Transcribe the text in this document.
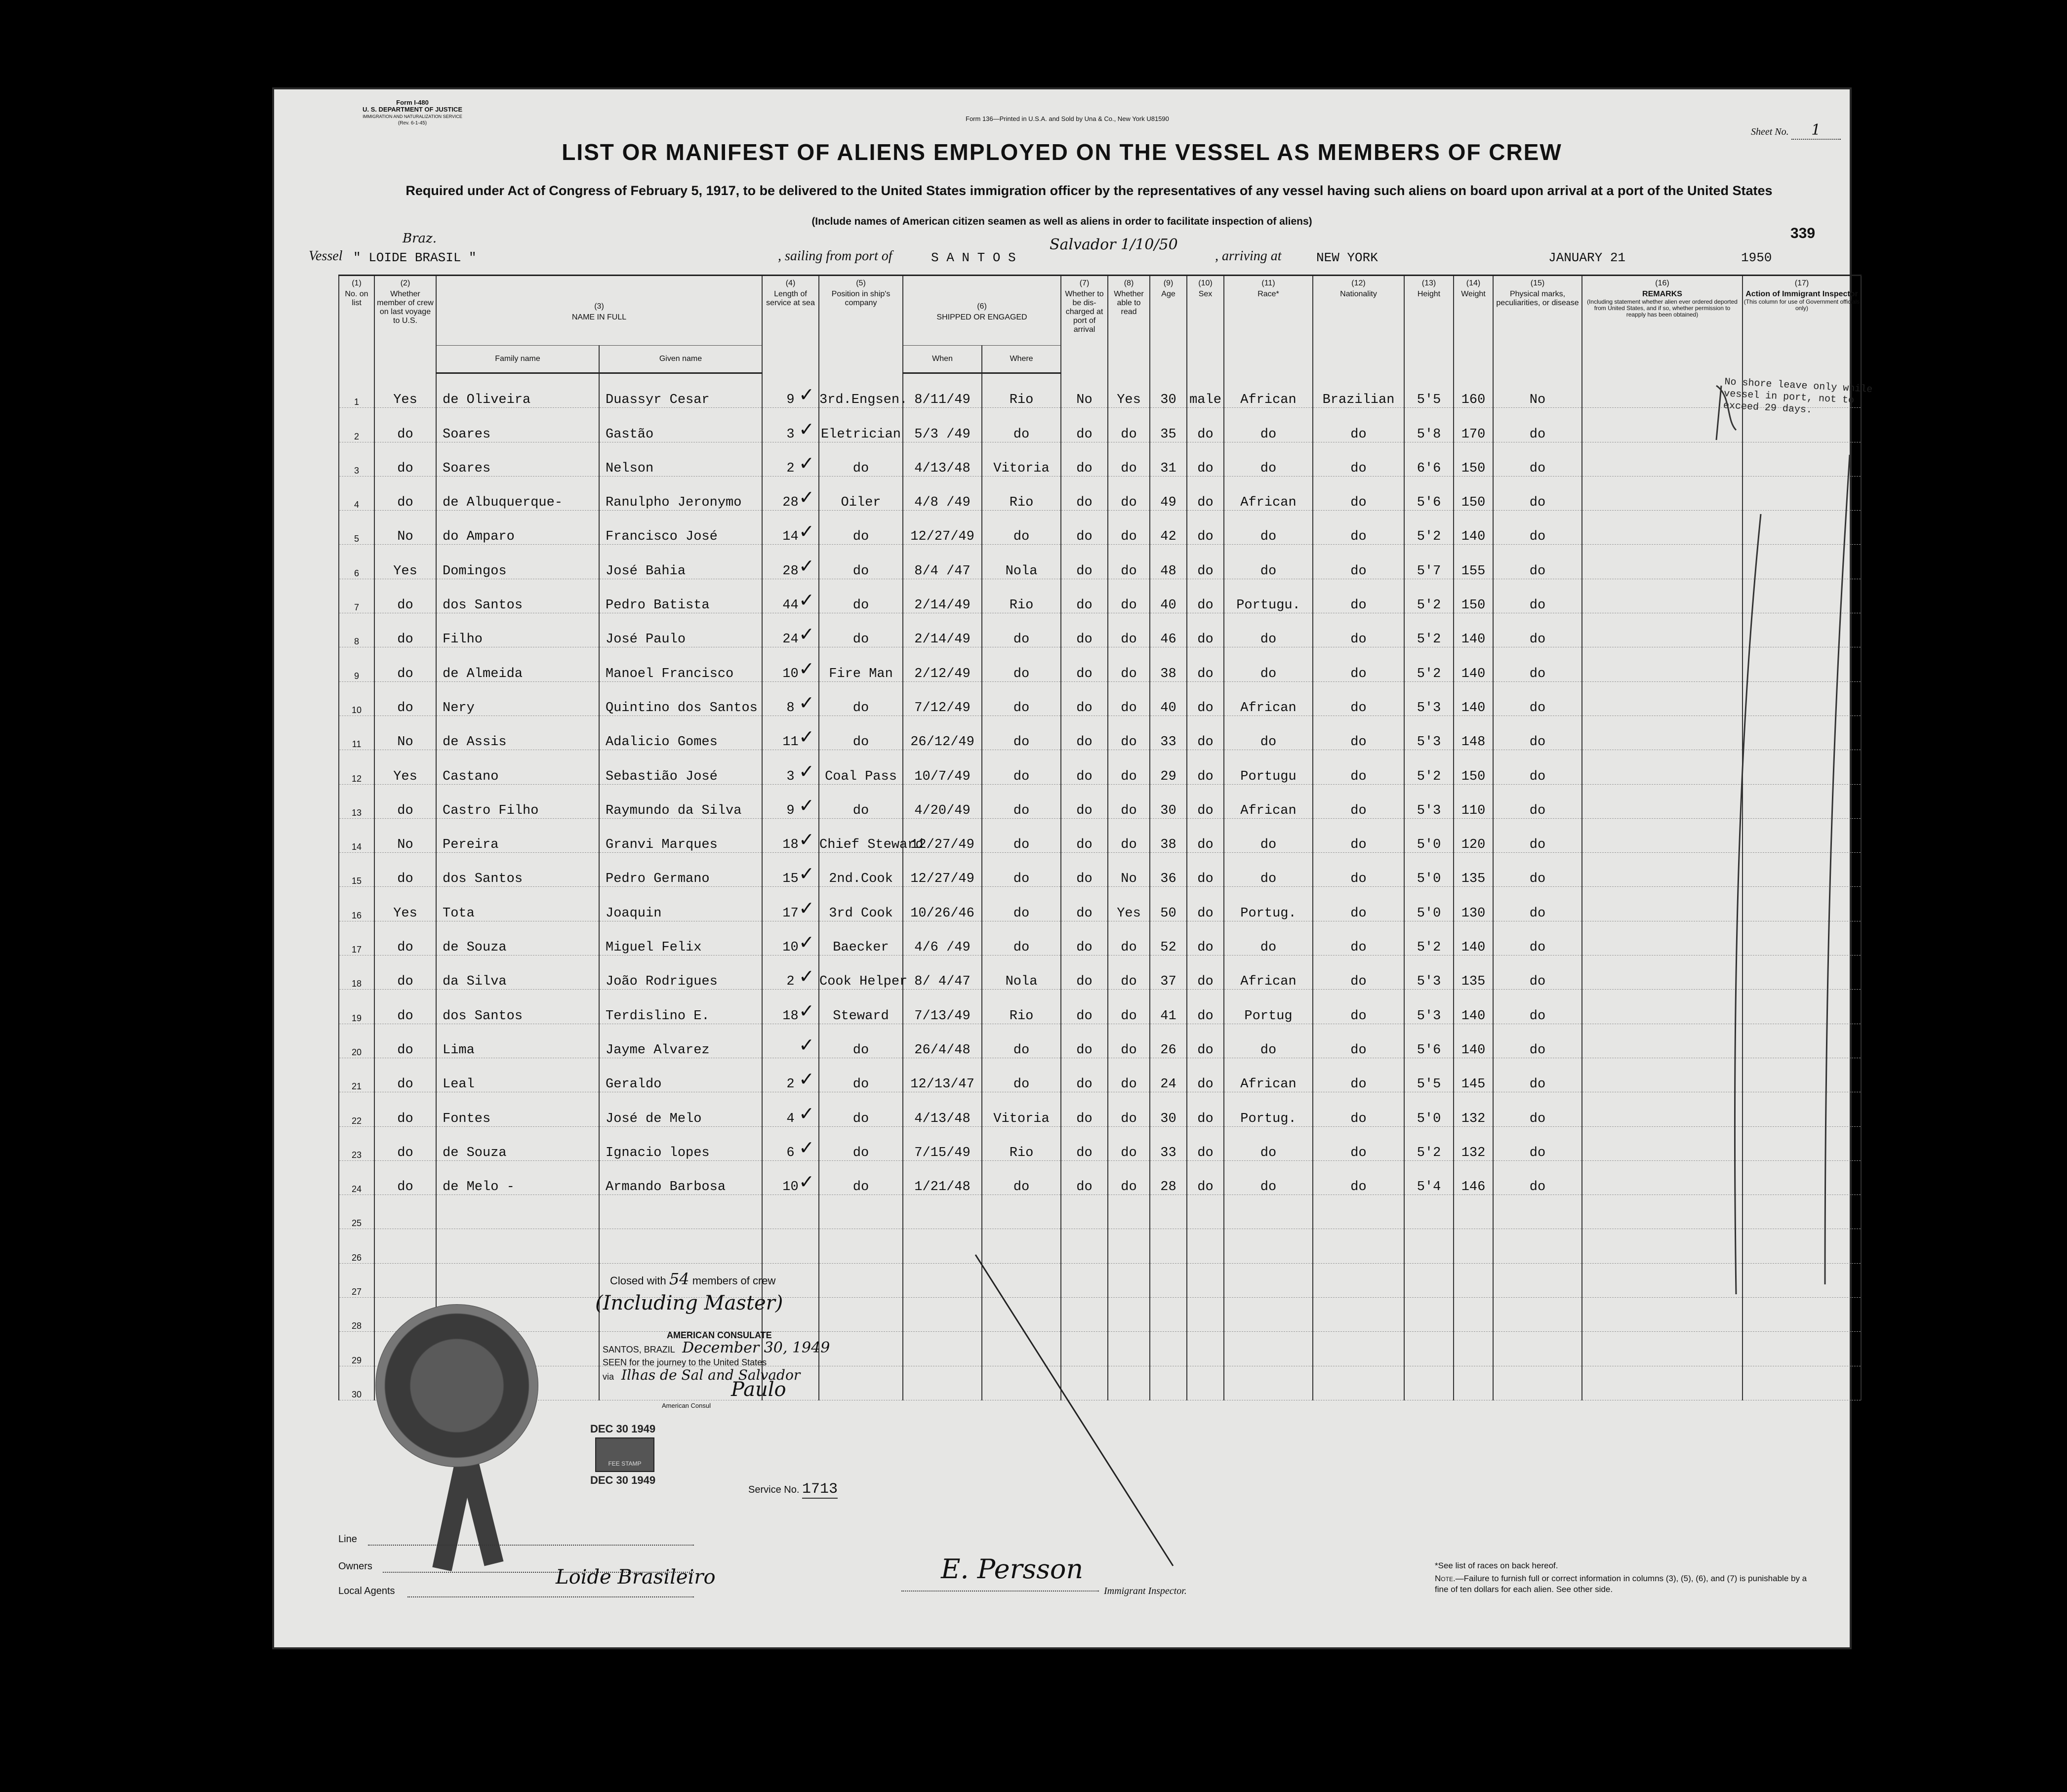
Form I-480
U. S. DEPARTMENT OF JUSTICE
IMMIGRATION AND NATURALIZATION SERVICE
(Rev. 6-1-45)
Form 136—Printed in U.S.A. and Sold by Una & Co., New York U81590
Sheet No. 1
LIST OR MANIFEST OF ALIENS EMPLOYED ON THE VESSEL AS MEMBERS OF CREW
Required under Act of Congress of February 5, 1917, to be delivered to the United States immigration officer by the representatives of any vessel having such aliens on board upon arrival at a port of the United States
(Include names of American citizen seamen as well as aliens in order to facilitate inspection of aliens)
339
Vessel " LOIDE BRASIL "
Braz.
, sailing from port of	S A N T O S
Salvador 1/10/50
, arriving at	NEW YORK	JANUARY 21	1950
(1)
No. on list	(2)
Whether member of crew on last voyage to U.S.	(3)
NAME IN FULL		(4)
Length of service at sea	(5)
Position in ship's company	(6)
SHIPPED OR ENGAGED		(7)
Whether to be dis-charged at port of arrival	(8)
Whether able to read	(9)
Age	(10)
Sex	(11)
Race*	(12)
Nationality	(13)
Height	(14)
Weight	(15)
Physical marks, peculiarities, or disease	(16)
REMARKS
(Including statement whether alien ever ordered deported from United States, and if so, whether permission to reapply has been obtained)	(17)
Action of Immigrant Inspector
(This column for use of Government officials only)

		Family name	Given name			When	Where											
1	Yes	de Oliveira	Duassyr Cesar	9 ✓	3rd.Engsen.	8/11/49	Rio	No	Yes	30	male	African	Brazilian	5'5	160	No		
2	do	Soares	Gastão	3 ✓	Eletrician	5/3 /49	do	do	do	35	do	do	do	5'8	170	do		
3	do	Soares	Nelson	2 ✓	do	4/13/48	Vitoria	do	do	31	do	do	do	6'6	150	do		
4	do	de Albuquerque-	Ranulpho Jeronymo	28 ✓	Oiler	4/8 /49	Rio	do	do	49	do	African	do	5'6	150	do		
5	No	do Amparo	Francisco José	14 ✓	do	12/27/49	do	do	do	42	do	do	do	5'2	140	do		
6	Yes	Domingos	José Bahia	28 ✓	do	8/4 /47	Nola	do	do	48	do	do	do	5'7	155	do		
7	do	dos Santos	Pedro Batista	44 ✓	do	2/14/49	Rio	do	do	40	do	Portugu.	do	5'2	150	do		
8	do	Filho	José Paulo	24 ✓	do	2/14/49	do	do	do	46	do	do	do	5'2	140	do		
9	do	de Almeida	Manoel Francisco	10 ✓	Fire Man	2/12/49	do	do	do	38	do	do	do	5'2	140	do		
10	do	Nery	Quintino dos Santos	8 ✓	do	7/12/49	do	do	do	40	do	African	do	5'3	140	do		
11	No	de Assis	Adalicio Gomes	11 ✓	do	26/12/49	do	do	do	33	do	do	do	5'3	148	do		
12	Yes	Castano	Sebastião José	3 ✓	Coal Pass	10/7/49	do	do	do	29	do	Portugu	do	5'2	150	do		
13	do	Castro Filho	Raymundo da Silva	9 ✓	do	4/20/49	do	do	do	30	do	African	do	5'3	110	do		
14	No	Pereira	Granvi Marques	18 ✓	Chief Steward	12/27/49	do	do	do	38	do	do	do	5'0	120	do		
15	do	dos Santos	Pedro Germano	15 ✓	2nd.Cook	12/27/49	do	do	No	36	do	do	do	5'0	135	do		
16	Yes	Tota	Joaquin	17 ✓	3rd Cook	10/26/46	do	do	Yes	50	do	Portug.	do	5'0	130	do		
17	do	de Souza	Miguel Felix	10 ✓	Baecker	4/6 /49	do	do	do	52	do	do	do	5'2	140	do		
18	do	da Silva	João Rodrigues	2 ✓	Cook Helper	8/ 4/47	Nola	do	do	37	do	African	do	5'3	135	do		
19	do	dos Santos	Terdislino E.	18 ✓	Steward	7/13/49	Rio	do	do	41	do	Portug	do	5'3	140	do		
20	do	Lima	Jayme Alvarez	✓	do	26/4/48	do	do	do	26	do	do	do	5'6	140	do		
21	do	Leal	Geraldo	2 ✓	do	12/13/47	do	do	do	24	do	African	do	5'5	145	do		
22	do	Fontes	José de Melo	4 ✓	do	4/13/48	Vitoria	do	do	30	do	Portug.	do	5'0	132	do		
23	do	de Souza	Ignacio lopes	6 ✓	do	7/15/49	Rio	do	do	33	do	do	do	5'2	132	do		
24	do	de Melo -	Armando Barbosa	10 ✓	do	1/21/48	do	do	do	28	do	do	do	5'4	146	do		
25																		
26																		
27																		
28																		
29																		
30																		
No shore leave only while vessel in port, not to exceed 29 days.
Closed with 54 members of crew
(Including Master)
AMERICAN CONSULATE
SANTOS, BRAZIL December 30, 1949
SEEN for the journey to the United States
via Ilhas de Sal and Salvador
Paulo
American Consul
DEC 30 1949
FEE STAMP
DEC 30 1949
Service No. 1713
Line
Owners
Local Agents
Loide Brasileiro	E. Persson
Immigrant Inspector.
*See list of races on back hereof.
Note.—Failure to furnish full or correct information in columns (3), (5), (6), and (7) is punishable by a fine of ten dollars for each alien. See other side.
